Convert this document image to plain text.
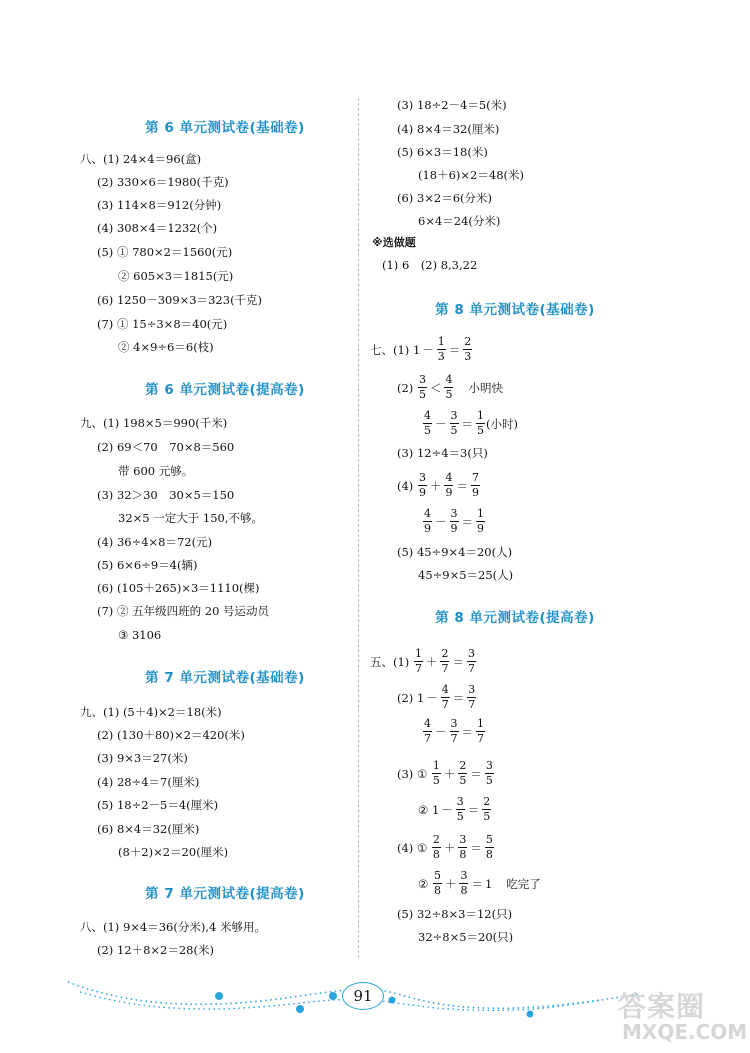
第 6 单元测试卷(基础卷)
八、(1) 24×4＝96(盒)
(2) 330×6＝1980(千克)
(3) 114×8＝912(分钟)
(4) 308×4＝1232(个)
(5) ① 780×2＝1560(元)
② 605×3＝1815(元)
(6) 1250－309×3＝323(千克)
(7) ① 15÷3×8＝40(元)
② 4×9÷6＝6(枝)
第 6 单元测试卷(提高卷)
九、(1) 198×5＝990(千米)
(2) 69＜70　70×8＝560
带 600 元够。
(3) 32＞30　30×5＝150
32×5 一定大于 150,不够。
(4) 36÷4×8＝72(元)
(5) 6×6÷9＝4(辆)
(6) (105＋265)×3＝1110(棵)
(7) ② 五年级四班的 20 号运动员
③ 3106
第 7 单元测试卷(基础卷)
九、(1) (5＋4)×2＝18(米)
(2) (130＋80)×2＝420(米)
(3) 9×3＝27(米)
(4) 28÷4＝7(厘米)
(5) 18÷2－5＝4(厘米)
(6) 8×4＝32(厘米)
(8＋2)×2＝20(厘米)
第 7 单元测试卷(提高卷)
八、(1) 9×4＝36(分米),4 米够用。
(2) 12＋8×2＝28(米)
(3) 18÷2－4＝5(米)
(4) 8×4＝32(厘米)
(5) 6×3＝18(米)
(18＋6)×2＝48(米)
(6) 3×2＝6(分米)
6×4＝24(分米)
※选做题
(1) 6　(2) 8,3,22
第 8 单元测试卷(基础卷)
七、(1)
$1 - \frac{1}{3} = \frac{2}{3}$
(2)
$\frac{3}{5} < \frac{4}{5}$ 小明快
$\frac{4}{5} - \frac{3}{5} = \frac{1}{5}$ (小时)
(3) 12÷4＝3(只)
(4)
$\frac{3}{9} + \frac{4}{9} = \frac{7}{9}$
$\frac{4}{9} - \frac{3}{9} = \frac{1}{9}$
(5) 45÷9×4＝20(人)
45÷9×5＝25(人)
第 8 单元测试卷(提高卷)
五、(1)
$\frac{1}{7} + \frac{2}{7} = \frac{3}{7}$
(2)
$1 - \frac{4}{7} = \frac{3}{7}$
$\frac{4}{7} - \frac{3}{7} = \frac{1}{7}$
(3) ①
$\frac{1}{5} + \frac{2}{5} = \frac{3}{5}$
②
$1 - \frac{3}{5} = \frac{2}{5}$
(4) ①
$\frac{2}{8} + \frac{3}{8} = \frac{5}{8}$
②
$\frac{5}{8} + \frac{3}{8} = 1$ 吃完了
(5) 32÷8×3＝12(只)
32÷8×5＝20(只)
91	答案圈
MXQE.COM
